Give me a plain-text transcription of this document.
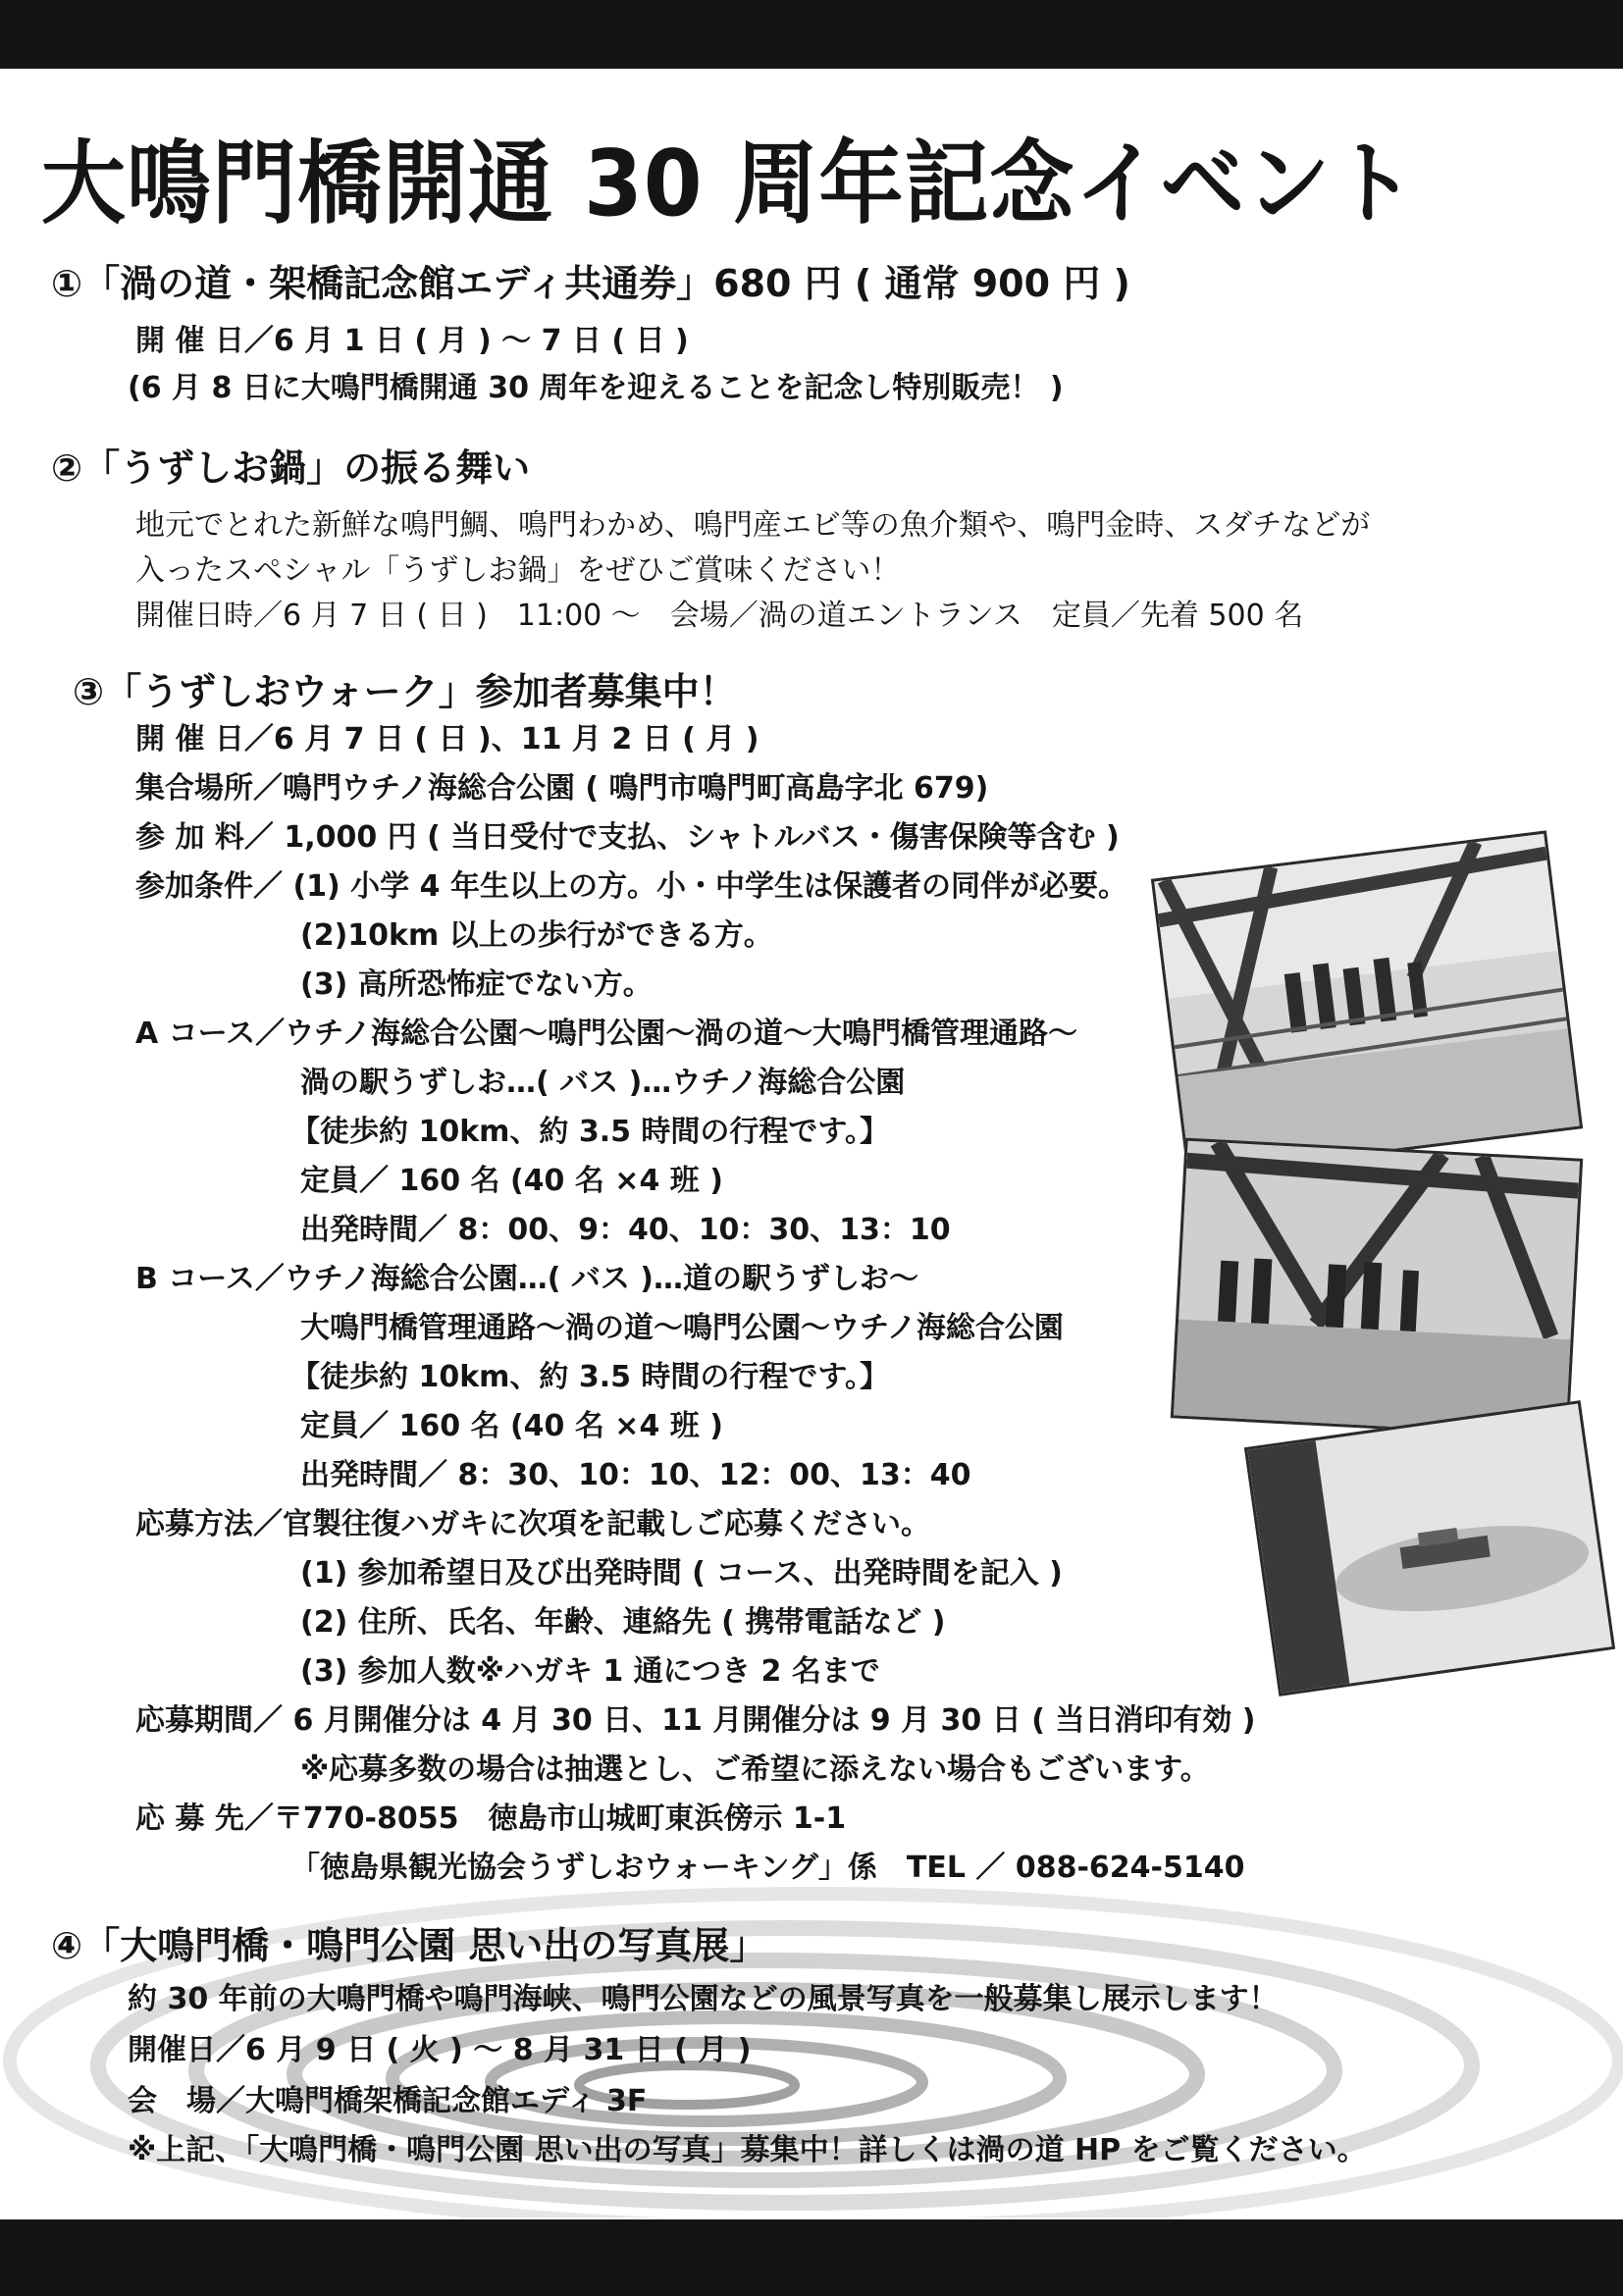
大鳴門橋開通 30 周年記念イベント
①「渦の道・架橋記念館エディ共通券」680 円 ( 通常 900 円 )
開 催 日／6 月 1 日 ( 月 ) ～ 7 日 ( 日 )
(6 月 8 日に大鳴門橋開通 30 周年を迎えることを記念し特別販売！ )
②「うずしお鍋」の振る舞い
地元でとれた新鮮な鳴門鯛、鳴門わかめ、鳴門産エビ等の魚介類や、鳴門金時、スダチなどが
入ったスペシャル「うずしお鍋」をぜひご賞味ください！
開催日時／6 月 7 日 ( 日 )　11:00 ～　会場／渦の道エントランス　定員／先着 500 名
③「うずしおウォーク」参加者募集中！
開 催 日／6 月 7 日 ( 日 )、11 月 2 日 ( 月 )
集合場所／鳴門ウチノ海総合公園 ( 鳴門市鳴門町高島字北 679)
参 加 料／ 1,000 円 ( 当日受付で支払、シャトルバス・傷害保険等含む )
参加条件／ (1) 小学 4 年生以上の方。小・中学生は保護者の同伴が必要。
(2)10km 以上の歩行ができる方。
(3) 高所恐怖症でない方。
A コース／ウチノ海総合公園～鳴門公園～渦の道～大鳴門橋管理通路～
渦の駅うずしお…( バス )…ウチノ海総合公園
【徒歩約 10km、約 3.5 時間の行程です。】
定員／ 160 名 (40 名 ×4 班 )
出発時間／ 8：00、9：40、10：30、13：10
B コース／ウチノ海総合公園…( バス )…道の駅うずしお～
大鳴門橋管理通路～渦の道～鳴門公園～ウチノ海総合公園
【徒歩約 10km、約 3.5 時間の行程です。】
定員／ 160 名 (40 名 ×4 班 )
出発時間／ 8：30、10：10、12：00、13：40
応募方法／官製往復ハガキに次項を記載しご応募ください。
(1) 参加希望日及び出発時間 ( コース、出発時間を記入 )
(2) 住所、氏名、年齢、連絡先 ( 携帯電話など )
(3) 参加人数※ハガキ 1 通につき 2 名まで
応募期間／ 6 月開催分は 4 月 30 日、11 月開催分は 9 月 30 日 ( 当日消印有効 )
※応募多数の場合は抽選とし、ご希望に添えない場合もございます。
応 募 先／〒770-8055　徳島市山城町東浜傍示 1-1
「徳島県観光協会うずしおウォーキング」係　TEL ／ 088-624-5140
④「大鳴門橋・鳴門公園 思い出の写真展」
約 30 年前の大鳴門橋や鳴門海峡、鳴門公園などの風景写真を一般募集し展示します！
開催日／6 月 9 日 ( 火 ) ～ 8 月 31 日 ( 月 )
会　場／大鳴門橋架橋記念館エディ 3F
※上記、「大鳴門橋・鳴門公園 思い出の写真」募集中！詳しくは渦の道 HP をご覧ください。
